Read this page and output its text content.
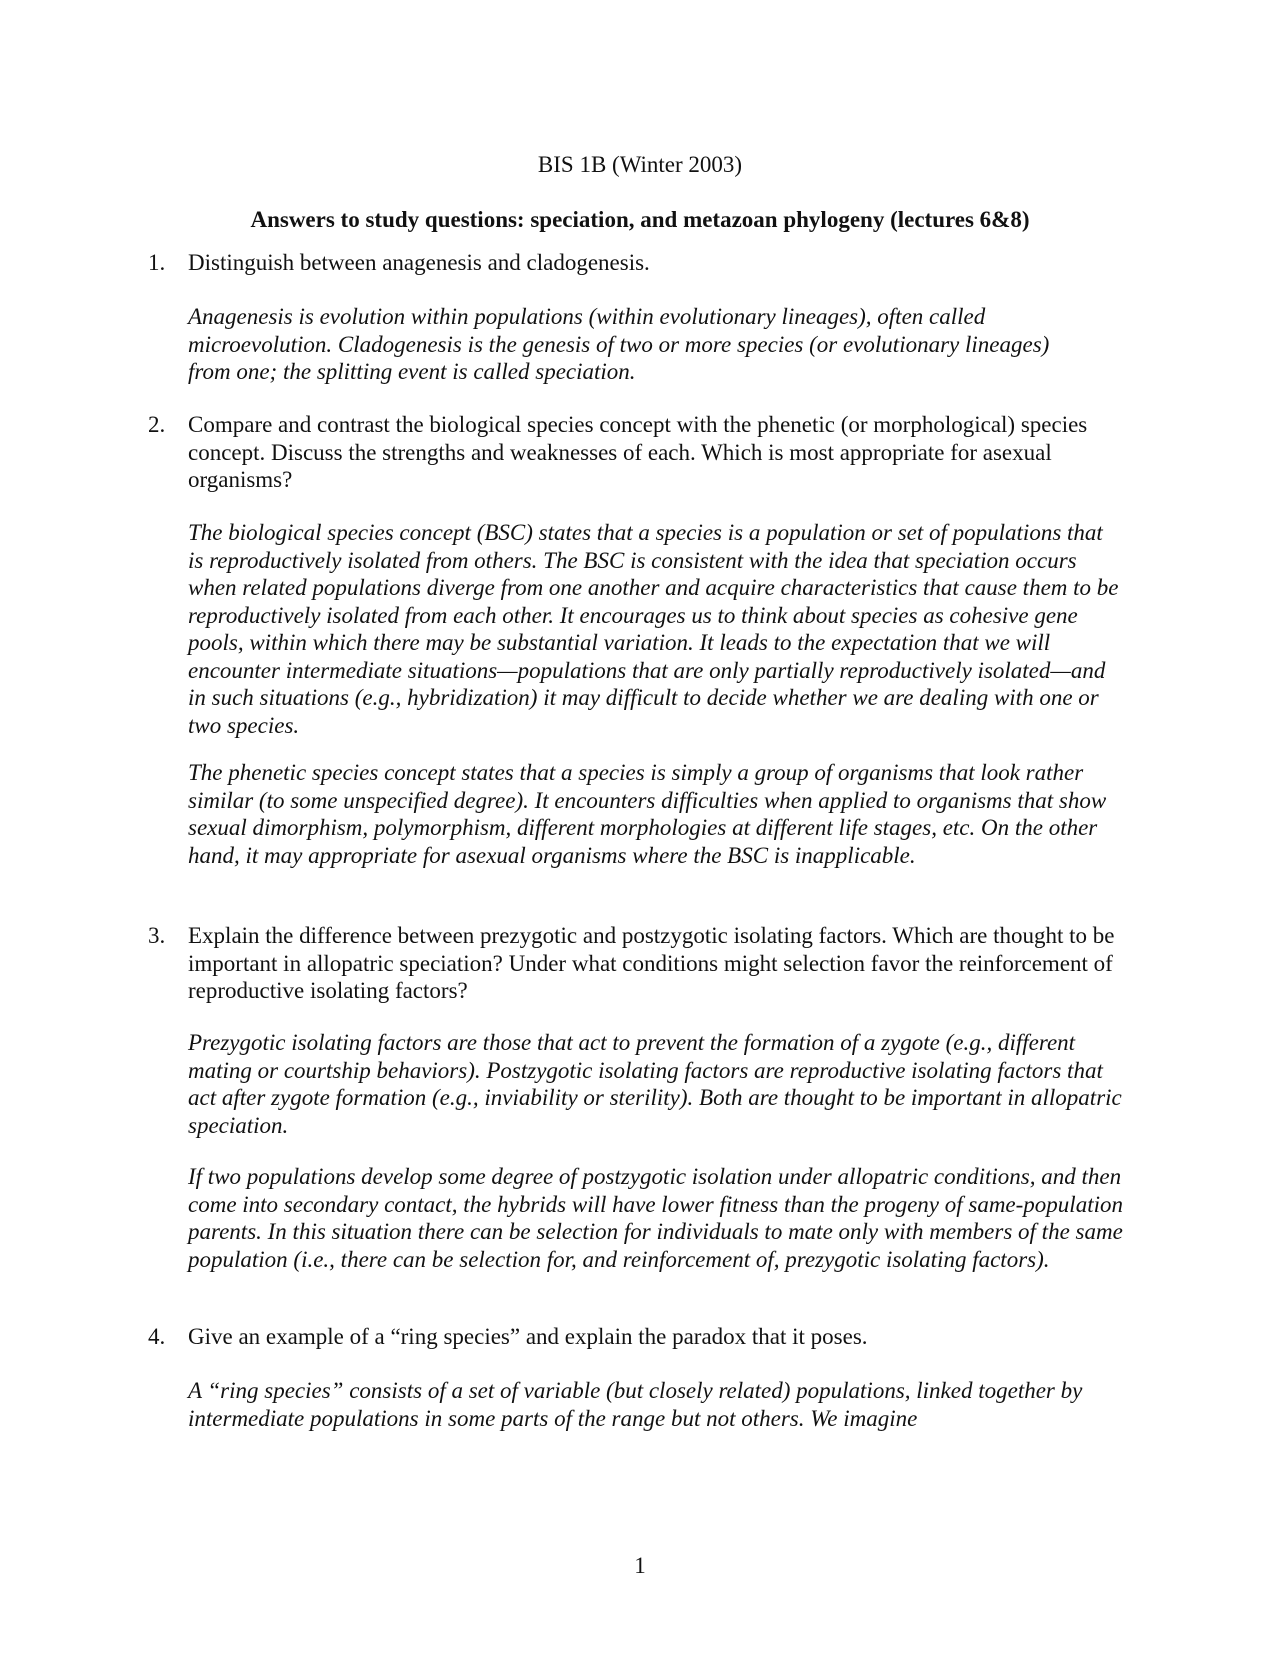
BIS 1B (Winter 2003)
Answers to study questions: speciation, and metazoan phylogeny (lectures 6&8)
1. Distinguish between anagenesis and cladogenesis.
Anagenesis is evolution within populations (within evolutionary lineages), often called microevolution. Cladogenesis is the genesis of two or more species (or evolutionary lineages) from one; the splitting event is called speciation.
2. Compare and contrast the biological species concept with the phenetic (or morphological) species concept. Discuss the strengths and weaknesses of each. Which is most appropriate for asexual organisms?
The biological species concept (BSC) states that a species is a population or set of populations that is reproductively isolated from others. The BSC is consistent with the idea that speciation occurs when related populations diverge from one another and acquire characteristics that cause them to be reproductively isolated from each other. It encourages us to think about species as cohesive gene pools, within which there may be substantial variation. It leads to the expectation that we will encounter intermediate situations—populations that are only partially reproductively isolated—and in such situations (e.g., hybridization) it may difficult to decide whether we are dealing with one or two species.
The phenetic species concept states that a species is simply a group of organisms that look rather similar (to some unspecified degree). It encounters difficulties when applied to organisms that show sexual dimorphism, polymorphism, different morphologies at different life stages, etc. On the other hand, it may appropriate for asexual organisms where the BSC is inapplicable.
3. Explain the difference between prezygotic and postzygotic isolating factors. Which are thought to be important in allopatric speciation? Under what conditions might selection favor the reinforcement of reproductive isolating factors?
Prezygotic isolating factors are those that act to prevent the formation of a zygote (e.g., different mating or courtship behaviors). Postzygotic isolating factors are reproductive isolating factors that act after zygote formation (e.g., inviability or sterility). Both are thought to be important in allopatric speciation.
If two populations develop some degree of postzygotic isolation under allopatric conditions, and then come into secondary contact, the hybrids will have lower fitness than the progeny of same-population parents. In this situation there can be selection for individuals to mate only with members of the same population (i.e., there can be selection for, and reinforcement of, prezygotic isolating factors).
4. Give an example of a “ring species” and explain the paradox that it poses.
A “ring species” consists of a set of variable (but closely related) populations, linked together by intermediate populations in some parts of the range but not others. We imagine
1
